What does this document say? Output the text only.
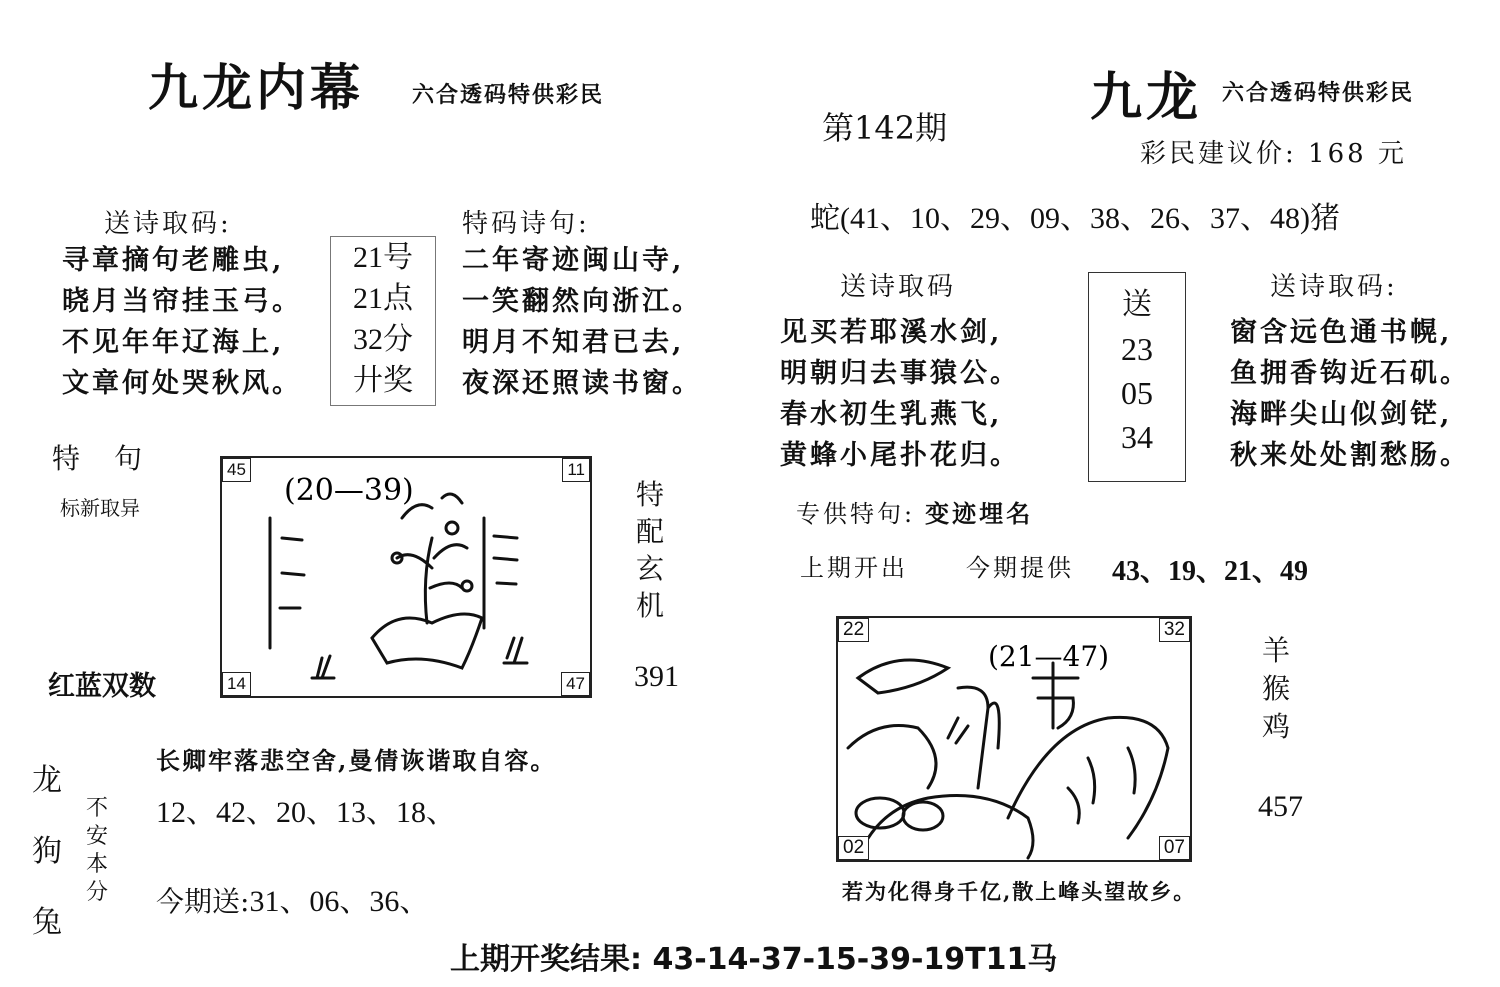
九龙内幕 六合透码特供彩民
送诗取码:
寻章摘句老雕虫,
晓月当帘挂玉弓。
不见年年辽海上,
文章何处哭秋风。
21号
21点
32分
廾奖
特码诗句:
二年寄迹闽山寺,
一笑翻然向浙江。
明月不知君已去,
夜深还照读书窗。
特　句
标新取异
红蓝双数
(20—39)
45	11
14	47
特
配
玄
机
391
龙
狗
兔
不
安
本
分
长卿牢落悲空舍,曼倩诙谐取自容。
12、42、20、13、18、
今期送:31、06、36、
第142期	九龙 六合透码特供彩民
彩民建议价: 168 元
蛇(41、10、29、09、38、26、37、48)猪
送诗取码
见买若耶溪水剑,
明朝归去事猿公。
春水初生乳燕飞,
黄蜂小尾扑花归。
送
23
05
34
送诗取码:
窗含远色通书幌,
鱼拥香钩近石矶。
海畔尖山似剑铓,
秋来处处割愁肠。
专供特句: 变迹埋名
上期开出 今期提供 43、19、21、49
(21—47)
22	32
02	07
羊
猴
鸡
457
若为化得身千亿,散上峰头望故乡。
上期开奖结果: 43-14-37-15-39-19T11马
